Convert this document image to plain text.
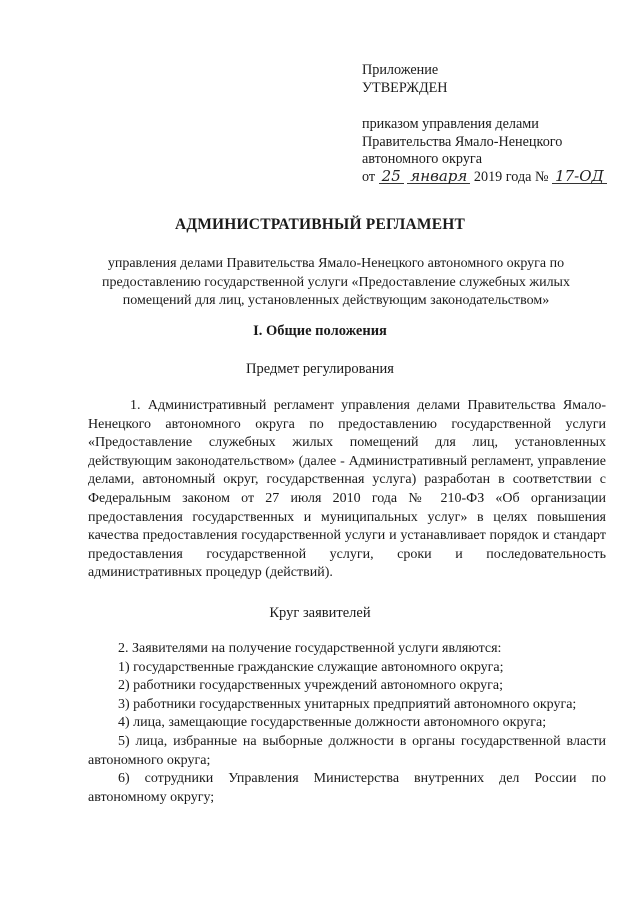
Приложение
УТВЕРЖДЕН
приказом управления делами
Правительства Ямало-Ненецкого
автономного округа
от 25 января 2019 года № 17-ОД
АДМИНИСТРАТИВНЫЙ РЕГЛАМЕНТ
управления делами Правительства Ямало-Ненецкого автономного округа по предоставлению государственной услуги «Предоставление служебных жилых помещений для лиц, установленных действующим законодательством»
I. Общие положения
Предмет регулирования
1. Административный регламент управления делами Правительства Ямало-Ненецкого автономного округа по предоставлению государственной услуги «Предоставление служебных жилых помещений для лиц, установленных действующим законодательством» (далее - Административный регламент, управление делами, автономный округ, государственная услуга) разработан в соответствии с Федеральным законом от 27 июля 2010 года № 210-ФЗ «Об организации предоставления государственных и муниципальных услуг» в целях повышения качества предоставления государственной услуги и устанавливает порядок и стандарт предоставления государственной услуги, сроки и последовательность административных процедур (действий).
Круг заявителей
2. Заявителями на получение государственной услуги являются:
1) государственные гражданские служащие автономного округа;
2) работники государственных учреждений автономного округа;
3) работники государственных унитарных предприятий автономного округа;
4) лица, замещающие государственные должности автономного округа;
5) лица, избранные на выборные должности в органы государственной власти автономного округа;
6) сотрудники Управления Министерства внутренних дел России по автономному округу;
